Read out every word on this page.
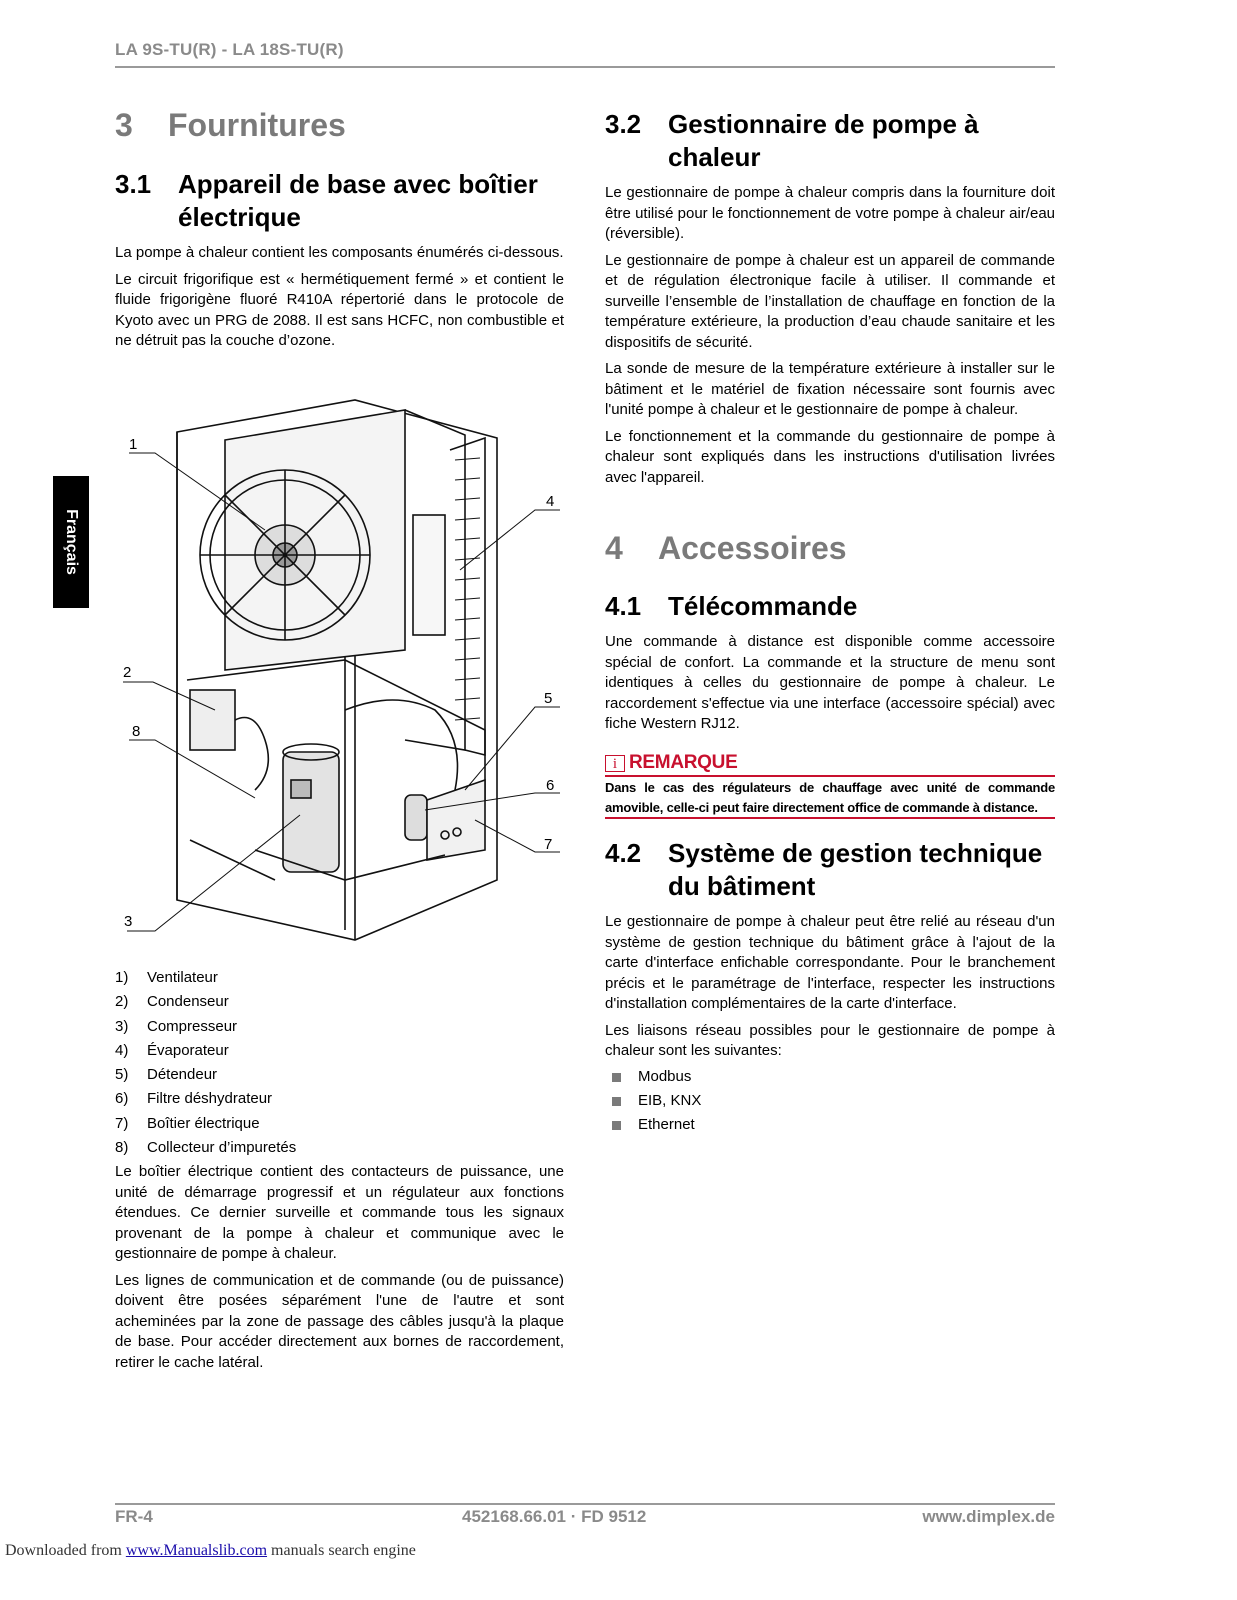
LA 9S-TU(R) - LA 18S-TU(R)
Français
3 Fournitures
3.1 Appareil de base avec boîtier électrique
La pompe à chaleur contient les composants énumérés ci-dessous.
Le circuit frigorifique est « hermétiquement fermé » et contient le fluide frigorigène fluoré R410A répertorié dans le protocole de Kyoto avec un PRG de 2088. Il est sans HCFC, non combustible et ne détruit pas la couche d’ozone.
1
2
8
3
4
5
6
7
1) Ventilateur
2) Condenseur
3) Compresseur
4) Évaporateur
5) Détendeur
6) Filtre déshydrateur
7) Boîtier électrique
8) Collecteur d’impuretés
Le boîtier électrique contient des contacteurs de puissance, une unité de démarrage progressif et un régulateur aux fonctions étendues. Ce dernier surveille et commande tous les signaux provenant de la pompe à chaleur et communique avec le gestionnaire de pompe à chaleur.
Les lignes de communication et de commande (ou de puissance) doivent être posées séparément l'une de l'autre et sont acheminées par la zone de passage des câbles jusqu'à la plaque de base. Pour accéder directement aux bornes de raccordement, retirer le cache latéral.
3.2 Gestionnaire de pompe à chaleur
Le gestionnaire de pompe à chaleur compris dans la fourniture doit être utilisé pour le fonctionnement de votre pompe à chaleur air/eau (réversible).
Le gestionnaire de pompe à chaleur est un appareil de commande et de régulation électronique facile à utiliser. Il commande et surveille l’ensemble de l’installation de chauffage en fonction de la température extérieure, la production d’eau chaude sanitaire et les dispositifs de sécurité.
La sonde de mesure de la température extérieure à installer sur le bâtiment et le matériel de fixation nécessaire sont fournis avec l'unité pompe à chaleur et le gestionnaire de pompe à chaleur.
Le fonctionnement et la commande du gestionnaire de pompe à chaleur sont expliqués dans les instructions d'utilisation livrées avec l'appareil.
4 Accessoires
4.1 Télécommande
Une commande à distance est disponible comme accessoire spécial de confort. La commande et la structure de menu sont identiques à celles du gestionnaire de pompe à chaleur. Le raccordement s'effectue via une interface (accessoire spécial) avec fiche Western RJ12.
i REMARQUE
Dans le cas des régulateurs de chauffage avec unité de commande amovible, celle-ci peut faire directement office de commande à distance.
4.2 Système de gestion technique du bâtiment
Le gestionnaire de pompe à chaleur peut être relié au réseau d'un système de gestion technique du bâtiment grâce à l'ajout de la carte d'interface enfichable correspondante. Pour le branchement précis et le paramétrage de l'interface, respecter les instructions d'installation complémentaires de la carte d'interface.
Les liaisons réseau possibles pour le gestionnaire de pompe à chaleur sont les suivantes:
Modbus
EIB, KNX
Ethernet
FR-4	452168.66.01 · FD 9512	www.dimplex.de
Downloaded from www.Manualslib.com manuals search engine
